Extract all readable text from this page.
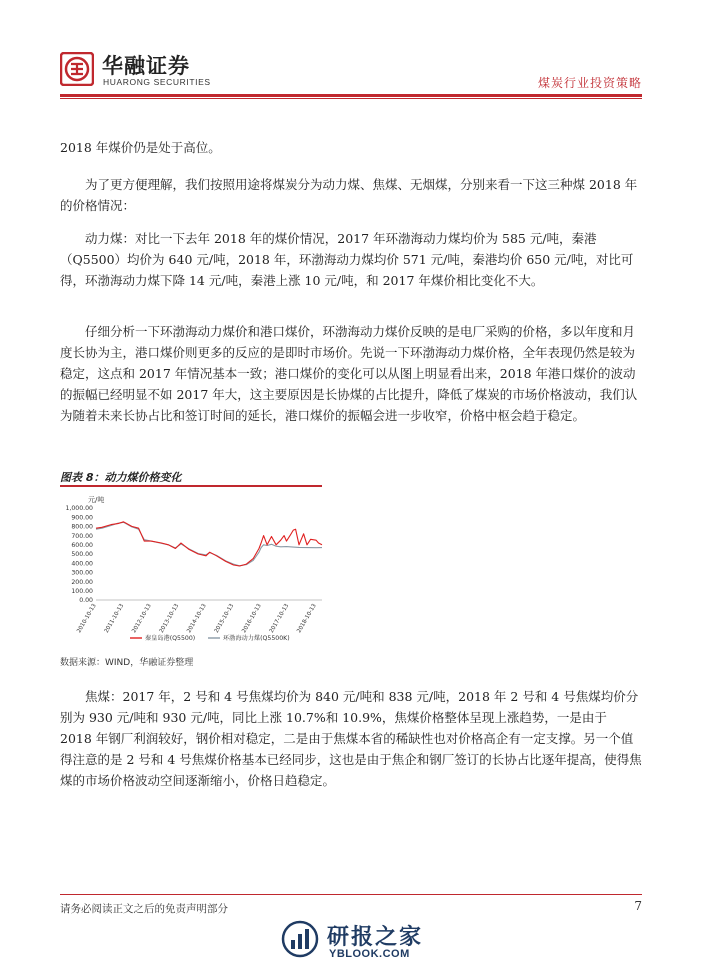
华融证券
HUARONG SECURITIES	煤炭行业投资策略

2018 年煤价仍是处于高位。

为了更方便理解，我们按照用途将煤炭分为动力煤、焦煤、无烟煤，分别来看一下这三种煤 2018 年的价格情况：

动力煤：对比一下去年 2018 年的煤价情况，2017 年环渤海动力煤均价为 585 元/吨，秦港（Q5500）均价为 640 元/吨，2018 年，环渤海动力煤均价 571 元/吨，秦港均价 650 元/吨，对比可得，环渤海动力煤下降 14 元/吨，秦港上涨 10 元/吨，和 2017 年煤价相比变化不大。

仔细分析一下环渤海动力煤价和港口煤价，环渤海动力煤价反映的是电厂采购的价格，多以年度和月度长协为主，港口煤价则更多的反应的是即时市场价。先说一下环渤海动力煤价格，全年表现仍然是较为稳定，这点和 2017 年情况基本一致；港口煤价的变化可以从图上明显看出来，2018 年港口煤价的波动的振幅已经明显不如 2017 年大，这主要原因是长协煤的占比提升，降低了煤炭的市场价格波动，我们认为随着未来长协占比和签订时间的延长，港口煤价的振幅会进一步收窄，价格中枢会趋于稳定。

图表 8：动力煤价格变化
元/吨
0.00
100.00
200.00
300.00
400.00
500.00
600.00
700.00
800.00
900.00
1,000.00
2010-10-13 2011-10-13 2012-10-13 2013-10-13 2014-10-13 2015-10-13 2016-10-13 2017-10-13 2018-10-13
秦皇岛港(Q5500)	环渤海动力煤(Q5500K)
数据来源：WIND，华融证券整理

焦煤：2017 年，2 号和 4 号焦煤均价为 840 元/吨和 838 元/吨，2018 年 2 号和 4 号焦煤均价分别为 930 元/吨和 930 元/吨，同比上涨 10.7%和 10.9%，焦煤价格整体呈现上涨趋势，一是由于 2018 年钢厂利润较好，钢价相对稳定，二是由于焦煤本省的稀缺性也对价格高企有一定支撑。另一个值得注意的是 2 号和 4 号焦煤价格基本已经同步，这也是由于焦企和钢厂签订的长协占比逐年提高，使得焦煤的市场价格波动空间逐渐缩小，价格日趋稳定。

请务必阅读正文之后的免责声明部分	7
研报之家
YBLOOK.COM
